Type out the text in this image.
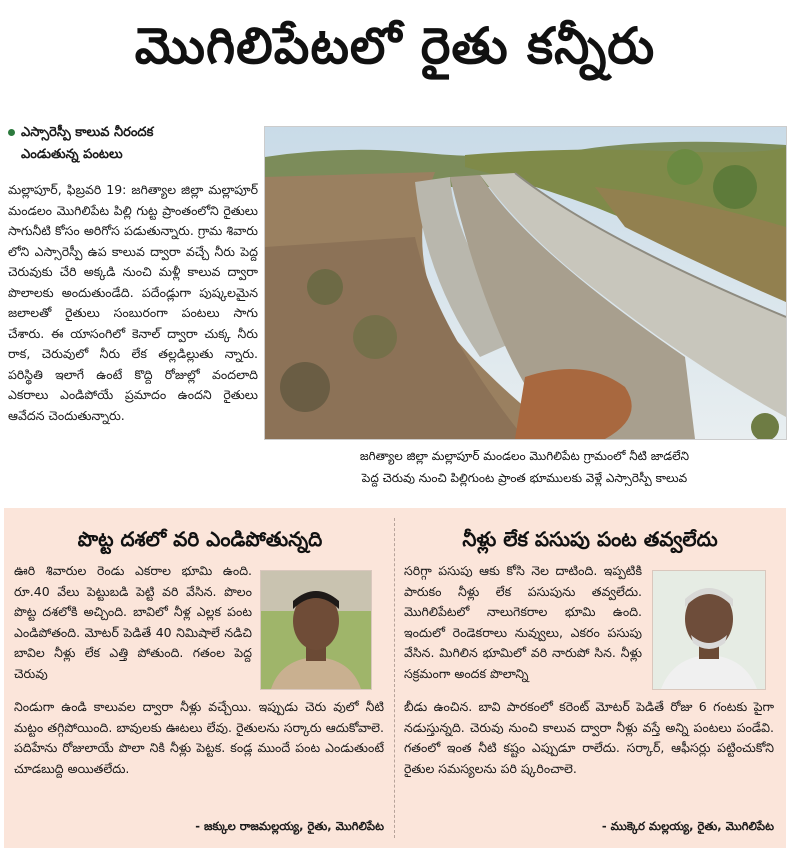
మొగిలిపేటలో రైతు కన్నీరు
ఎస్సారెస్పీ కాలువ నీరందక
ఎండుతున్న పంటలు
మల్లాపూర్, ఫిబ్రవరి 19: జగిత్యాల జిల్లా మల్లాపూర్ మండలం మొగిలిపేట పిల్లి గుట్ట ప్రాంతంలోని రైతులు సాగునీటి కోసం అరిగోస పడుతున్నారు. గ్రామ శివారు లోని ఎస్సారెస్పీ ఉప కాలువ ద్వారా వచ్చే నీరు పెద్ద చెరువుకు చేరి అక్కడి నుంచి మళ్లీ కాలువ ద్వారా పొలాలకు అందుతుండేది. పదేండ్లుగా పుష్కలమైన జలాలతో రైతులు సంబురంగా పంటలు సాగు చేశారు. ఈ యాసంగిలో కెనాల్ ద్వారా చుక్క నీరు రాక, చెరువులో నీరు లేక తల్లడిల్లుతు న్నారు. పరిస్థితి ఇలాగే ఉంటే కొద్ది రోజుల్లో వందలాది ఎకరాలు ఎండిపోయే ప్రమాదం ఉందని రైతులు ఆవేదన చెందుతున్నారు.
జగిత్యాల జిల్లా మల్లాపూర్ మండలం మొగిలిపేట గ్రామంలో నీటి జాడలేని
పెద్ద చెరువు నుంచి పిల్లిగుంట ప్రాంత భూములకు వెళ్లే ఎస్సారెస్పీ కాలువ
పొట్ట దశలో వరి ఎండిపోతున్నది
ఊరి శివారుల రెండు ఎకరాల భూమి ఉంది. రూ.40 వేలు పెట్టుబడి పెట్టి వరి వేసిన. పొలం పొట్ట దశలోకి అచ్చింది. బావిలో నీళ్ల ఎల్లక పంట ఎండిపోతంది. మోటర్ పెడితే 40 నిమిషాలే నడిచి బావిల నీళ్లు లేక ఎత్తి పోతుంది. గతంల పెద్ద చెరువు
నిండుగా ఉండి కాలువల ద్వారా నీళ్లు వచ్చేయి. ఇప్పుడు చెరు వులో నీటి మట్టం తగ్గిపోయింది. బావులకు ఊటలు లేవు. రైతులను సర్కారు ఆదుకోవాలె. పదిహేను రోజులాయే పొలా నికి నీళ్లు పెట్టక. కండ్ల ముందే పంట ఎండుతుంటే చూడబుద్ది అయితలేదు.
- జక్కుల రాజమల్లయ్య, రైతు, మొగిలిపేట
నీళ్లు లేక పసుపు పంట తవ్వలేదు
సరిగ్గా పసుపు ఆకు కోసి నెల దాటింది. ఇప్పటికి పారుకం నీళ్లు లేక పసుపును తవ్వలేదు. మొగిలిపేటలో నాలుగెకరాల భూమి ఉంది. ఇందులో రెండెకరాలు నువ్వులు, ఎకరం పసుపు వేసిన. మిగిలిన భూమిలో వరి నారుపో సిన. నీళ్లు సక్రమంగా అందక పొలాన్ని
బీడు ఉంచిన. బావి పారకంలో కరెంట్ మోటర్ పెడితే రోజు 6 గంటకు పైగా నడుస్తున్నది. చెరువు నుంచి కాలువ ద్వారా నీళ్లు వస్తే అన్ని పంటలు పండేవి. గతంలో ఇంత నీటి కష్టం ఎప్పుడూ రాలేదు. సర్కార్, ఆఫీసర్లు పట్టించుకోని రైతుల సమస్యలను పరి ష్కరించాలె.
- ముక్కెర మల్లయ్య, రైతు, మొగిలిపేట
